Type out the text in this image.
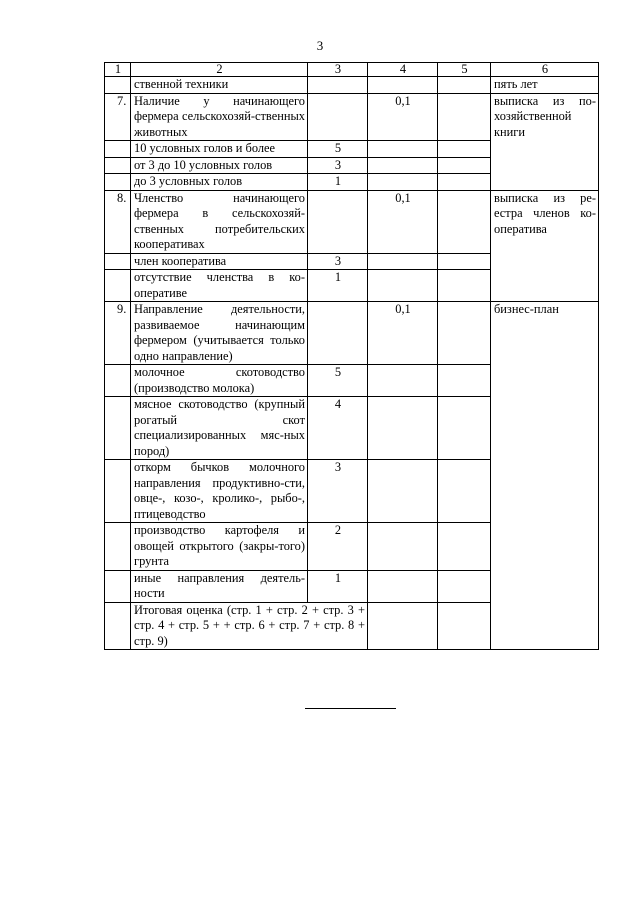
3
1	2	3	4	5	6
	ственной техники				пять лет
7.	Наличие у начинающего фермера сельскохозяй-ственных животных		0,1		выписка из по-хозяйственной книги
	10 условных голов и более	5			
	от 3 до 10 условных голов	3			
	до 3 условных голов	1			
8.	Членство начинающего фермера в сельскохозяй-ственных потребительских кооперативах		0,1		выписка из ре-естра членов ко-оператива
	член кооператива	3			
	отсутствие членства в ко-оперативе	1			
9.	Направление деятельности, развиваемое начинающим фермером (учитывается только одно направление)		0,1		бизнес-план
	молочное скотоводство (производство молока)	5			
	мясное скотоводство (крупный рогатый скот специализированных мяс-ных пород)	4			
	откорм бычков молочного направления продуктивно-сти, овце-, козо-, кролико-, рыбо-, птицеводство	3			
	производство картофеля и овощей открытого (закры-того) грунта	2			
	иные направления деятель-ности	1			
	Итоговая оценка (стр. 1 + стр. 2 + стр. 3 + стр. 4 + стр. 5 + + стр. 6 + стр. 7 + стр. 8 + стр. 9)				
